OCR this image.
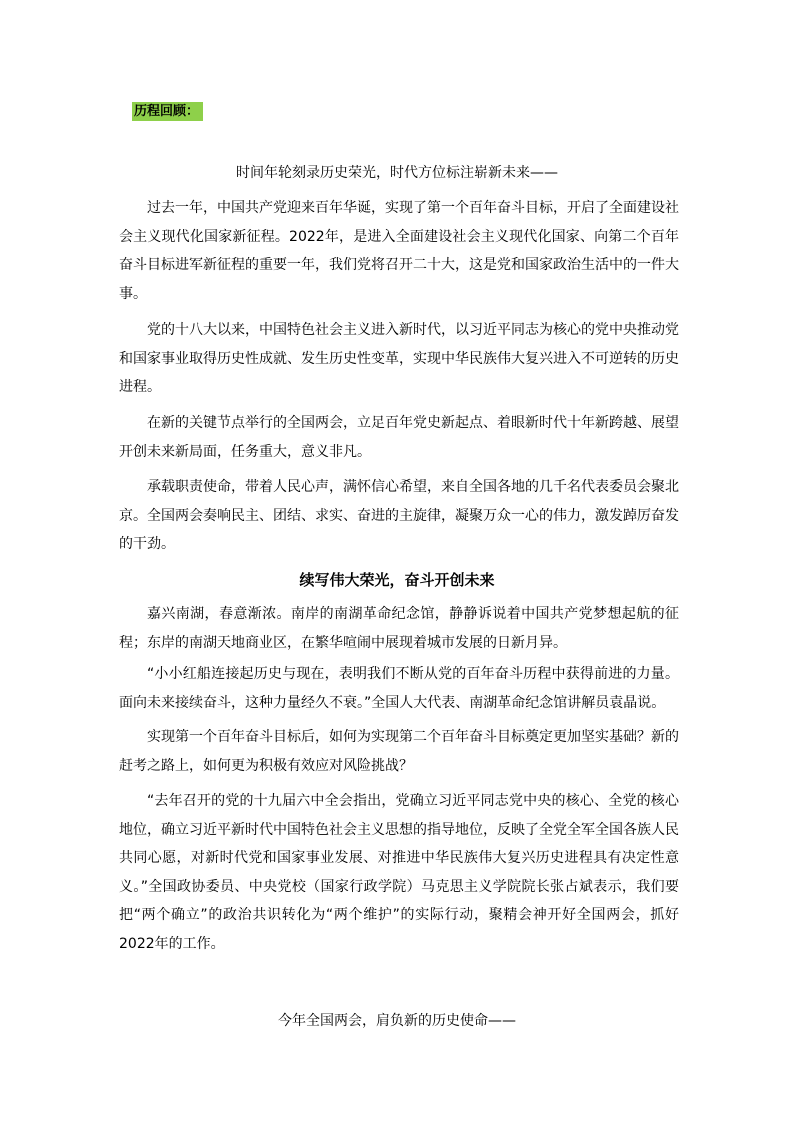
历程回顾：
时间年轮刻录历史荣光，时代方位标注崭新未来——

过去一年，中国共产党迎来百年华诞，实现了第一个百年奋斗目标，开启了全面建设社会主义现代化国家新征程。2022年，是进入全面建设社会主义现代化国家、向第二个百年奋斗目标进军新征程的重要一年，我们党将召开二十大，这是党和国家政治生活中的一件大事。

党的十八大以来，中国特色社会主义进入新时代，以习近平同志为核心的党中央推动党和国家事业取得历史性成就、发生历史性变革，实现中华民族伟大复兴进入不可逆转的历史进程。

在新的关键节点举行的全国两会，立足百年党史新起点、着眼新时代十年新跨越、展望开创未来新局面，任务重大，意义非凡。

承载职责使命，带着人民心声，满怀信心希望，来自全国各地的几千名代表委员会聚北京。全国两会奏响民主、团结、求实、奋进的主旋律，凝聚万众一心的伟力，激发踔厉奋发的干劲。

续写伟大荣光，奋斗开创未来

嘉兴南湖，春意渐浓。南岸的南湖革命纪念馆，静静诉说着中国共产党梦想起航的征程；东岸的南湖天地商业区，在繁华喧闹中展现着城市发展的日新月异。

“小小红船连接起历史与现在，表明我们不断从党的百年奋斗历程中获得前进的力量。面向未来接续奋斗，这种力量经久不衰。”全国人大代表、南湖革命纪念馆讲解员袁晶说。

实现第一个百年奋斗目标后，如何为实现第二个百年奋斗目标奠定更加坚实基础？新的赶考之路上，如何更为积极有效应对风险挑战？

“去年召开的党的十九届六中全会指出，党确立习近平同志党中央的核心、全党的核心地位，确立习近平新时代中国特色社会主义思想的指导地位，反映了全党全军全国各族人民共同心愿，对新时代党和国家事业发展、对推进中华民族伟大复兴历史进程具有决定性意义。”全国政协委员、中央党校（国家行政学院）马克思主义学院院长张占斌表示，我们要把“两个确立”的政治共识转化为“两个维护”的实际行动，聚精会神开好全国两会，抓好2022年的工作。

今年全国两会，肩负新的历史使命——
